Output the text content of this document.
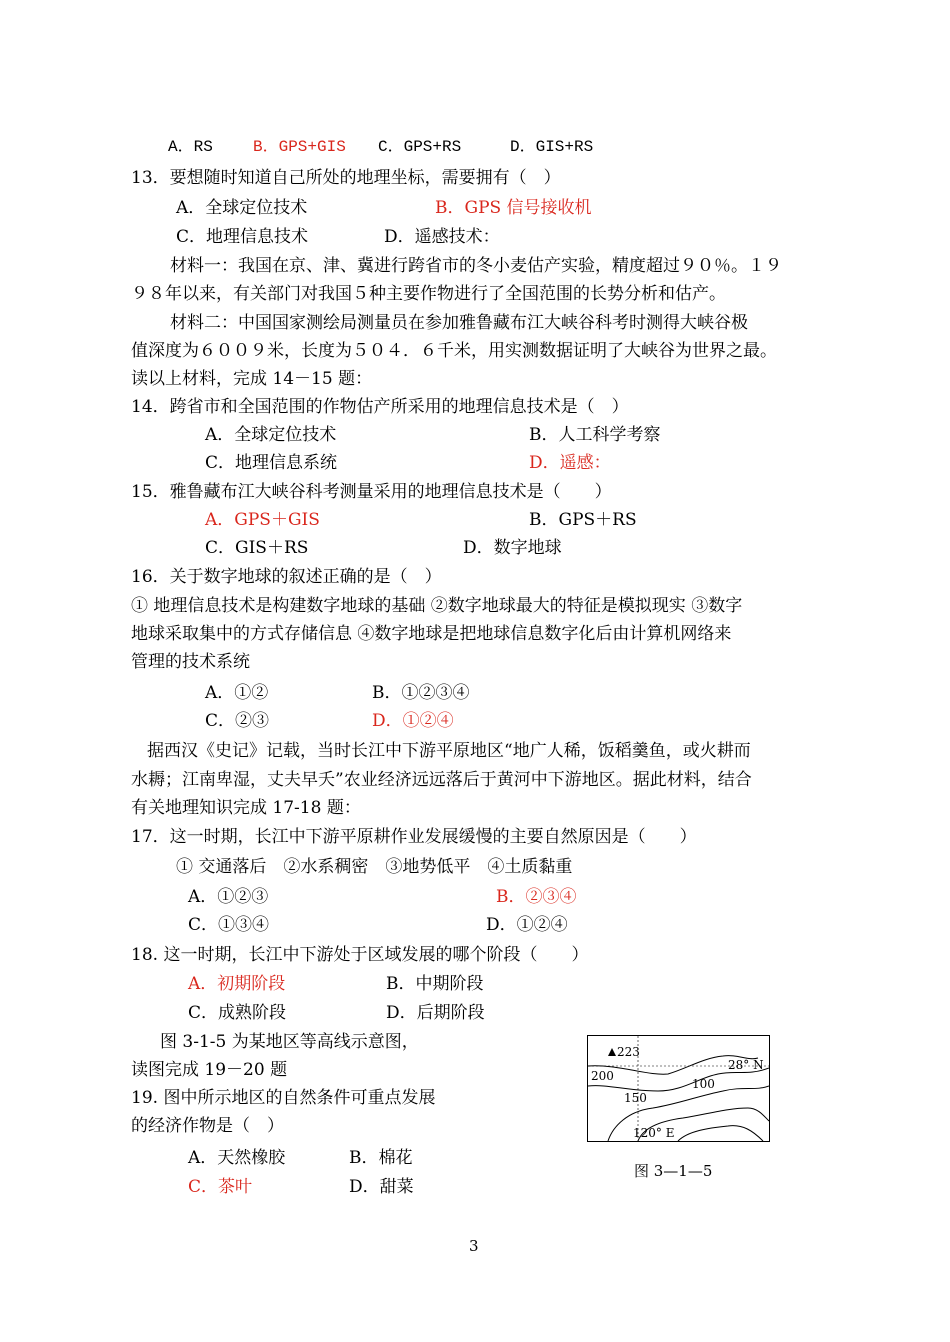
A．RS	B．GPS+GIS C．GPS+RS	D．GIS+RS
13．要想随时知道自己所处的地理坐标，需要拥有（　）
A．全球定位技术	B．GPS 信号接收机
C．地理信息技术	D．遥感技术：
材料一：我国在京、津、冀进行跨省市的冬小麦估产实验，精度超过９０％。１９
９８年以来，有关部门对我国５种主要作物进行了全国范围的长势分析和估产。
材料二：中国国家测绘局测量员在参加雅鲁藏布江大峡谷科考时测得大峡谷极
值深度为６００９米，长度为５０４．６千米，用实测数据证明了大峡谷为世界之最。
读以上材料，完成 14－15 题：
14．跨省市和全国范围的作物估产所采用的地理信息技术是（　）
A．全球定位技术	B．人工科学考察
C．地理信息系统	D．遥感：
15．雅鲁藏布江大峡谷科考测量采用的地理信息技术是（　　）
A．GPS＋GIS	B．GPS＋RS
C．GIS＋RS	D．数字地球
16．关于数字地球的叙述正确的是（　）
① 地理信息技术是构建数字地球的基础 ②数字地球最大的特征是模拟现实 ③数字
地球采取集中的方式存储信息 ④数字地球是把地球信息数字化后由计算机网络来
管理的技术系统
A．①②	B．①②③④
C．②③	D．①②④
据西汉《史记》记载，当时长江中下游平原地区“地广人稀，饭稻羹鱼，或火耕而
水耨；江南卑湿，丈夫早夭”农业经济远远落后于黄河中下游地区。据此材料，结合
有关地理知识完成 17-18 题：
17．这一时期，长江中下游平原耕作业发展缓慢的主要自然原因是（　　）
① 交通落后　②水系稠密　③地势低平　④土质黏重
A．①②③	B．②③④
C．①③④	D．①②④
18. 这一时期，长江中下游处于区域发展的哪个阶段（　　）
A．初期阶段	B．中期阶段
C．成熟阶段	D．后期阶段
图 3-1-5 为某地区等高线示意图，
读图完成 19－20 题
19. 图中所示地区的自然条件可重点发展
的经济作物是（　）
A．天然橡胶	B．棉花
C．茶叶	D．甜菜
223
200
150
100
28° N
120° E
图 3—1—5
3
